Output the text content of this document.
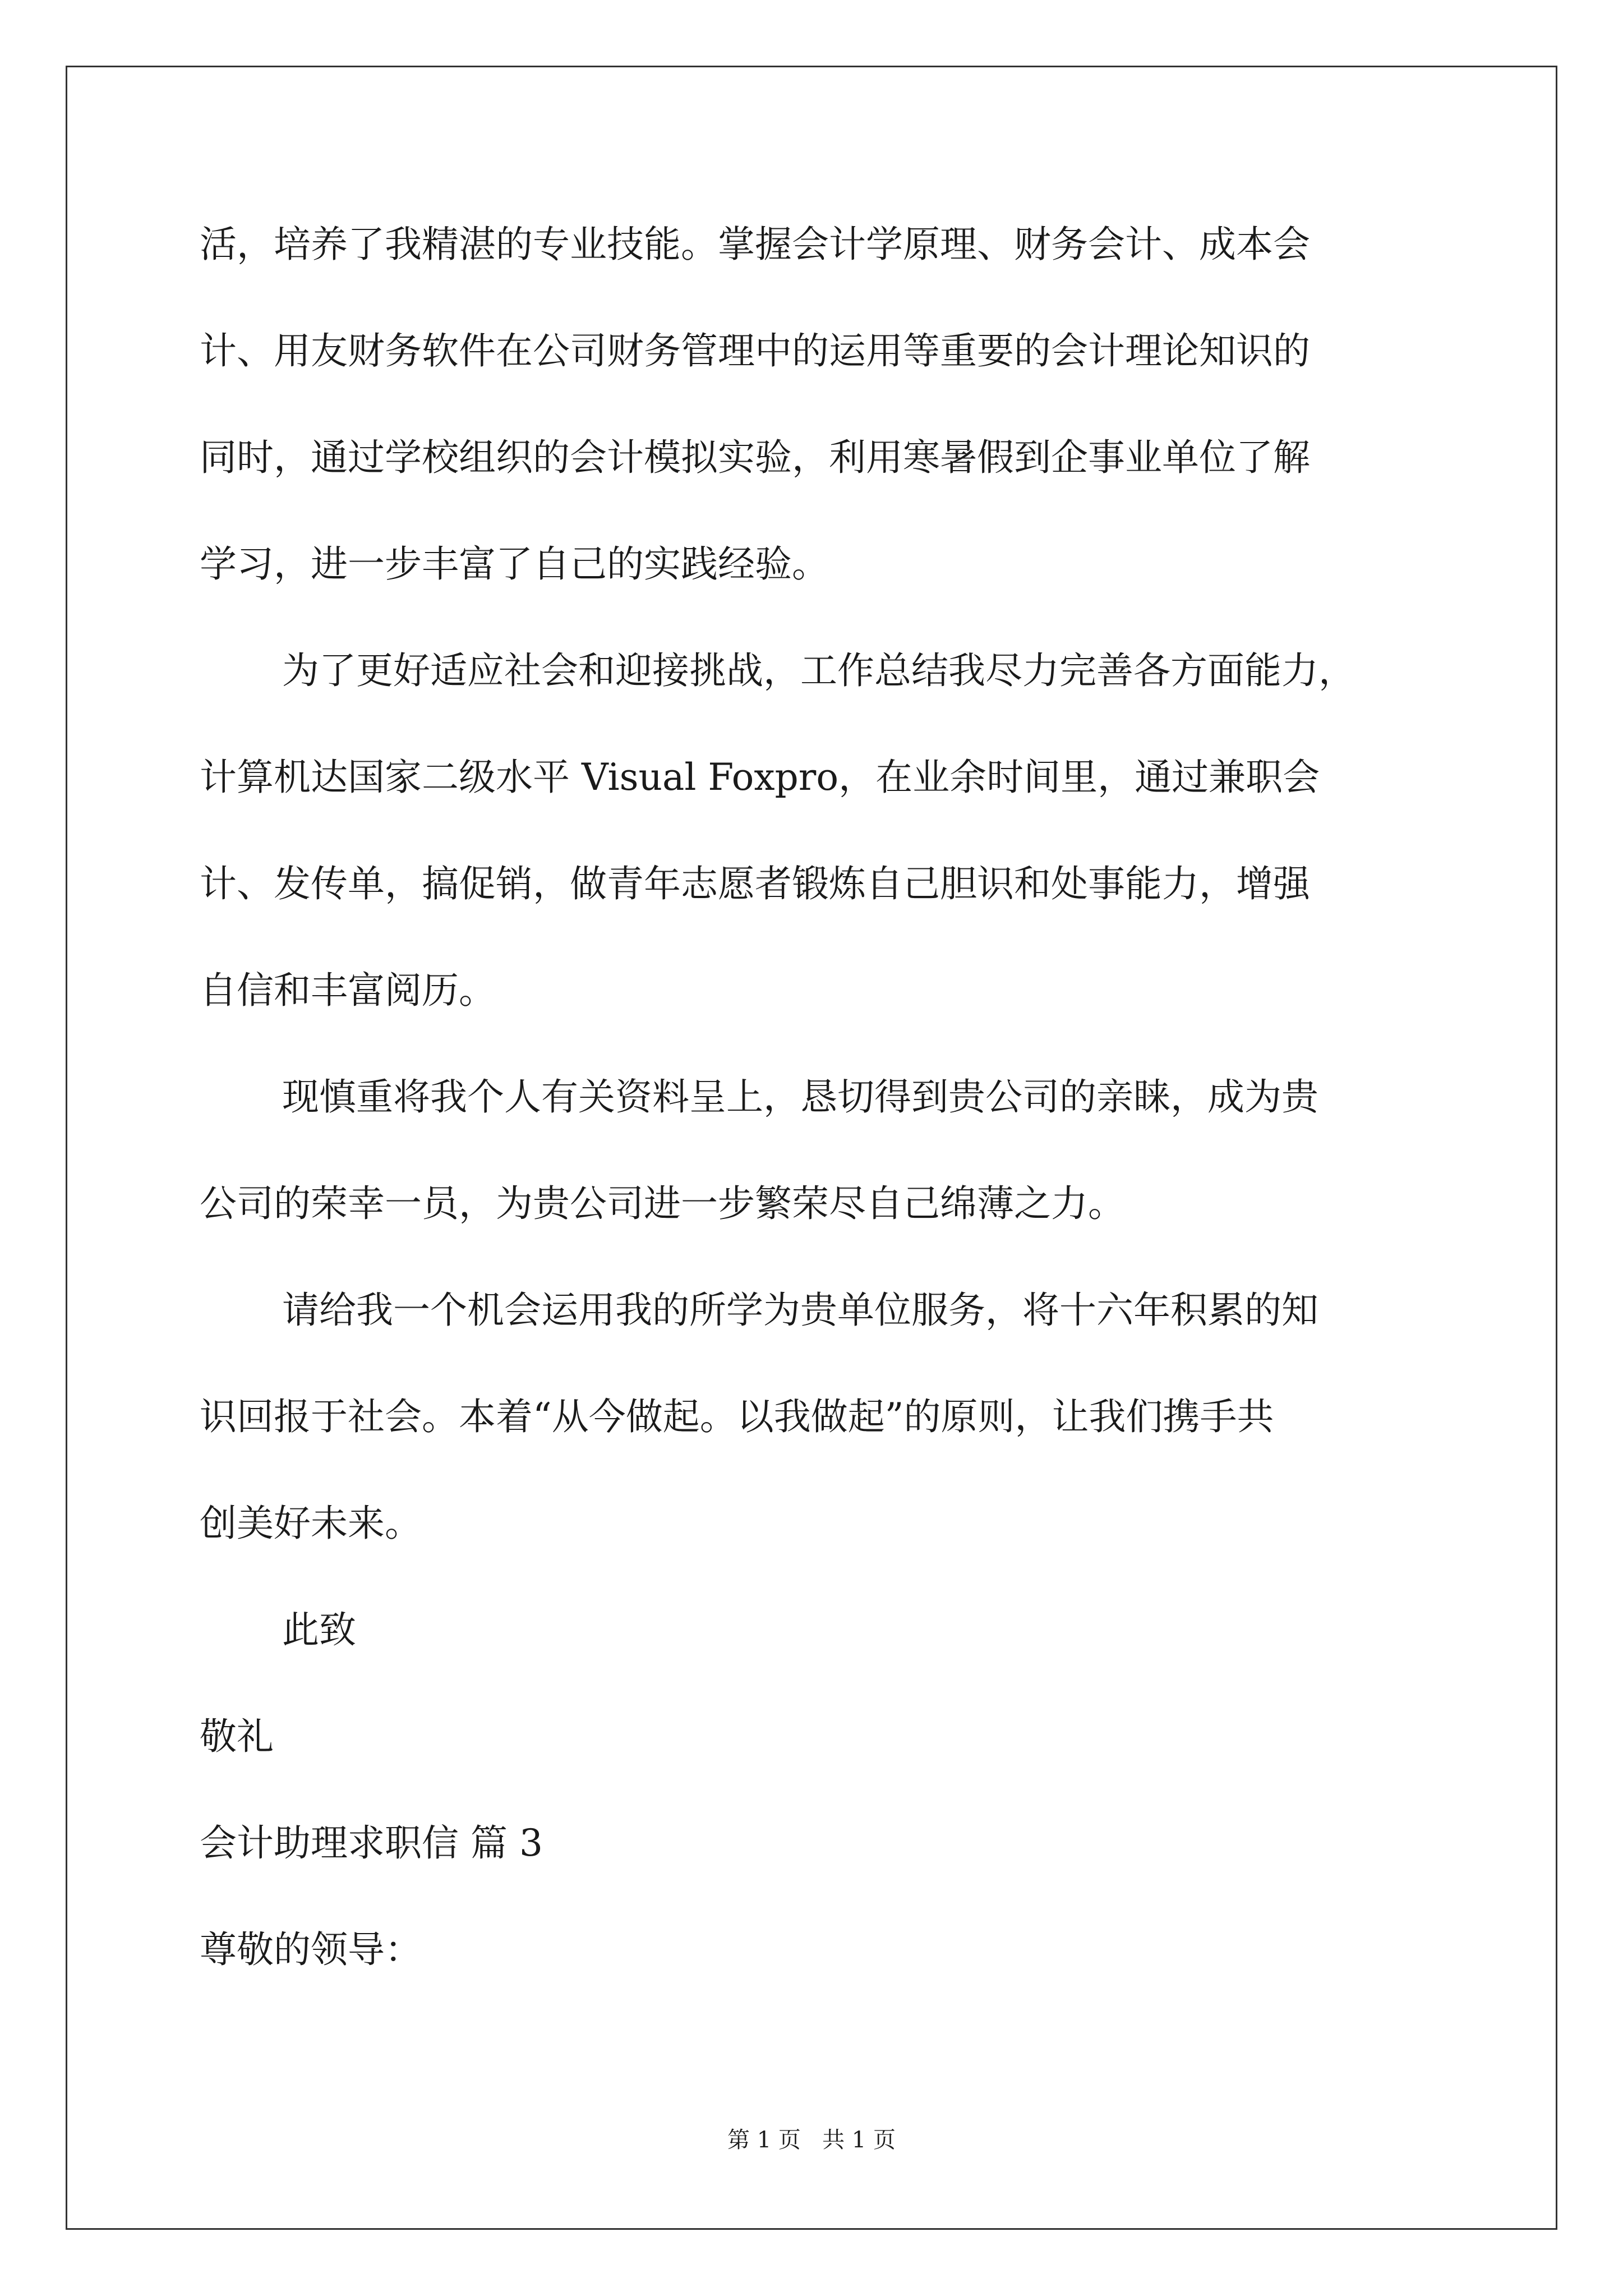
活，培养了我精湛的专业技能。掌握会计学原理、财务会计、成本会
计、用友财务软件在公司财务管理中的运用等重要的会计理论知识的
同时，通过学校组织的会计模拟实验，利用寒暑假到企事业单位了解
学习，进一步丰富了自己的实践经验。
为了更好适应社会和迎接挑战，工作总结我尽力完善各方面能力，
计算机达国家二级水平 Visual Foxpro，在业余时间里，通过兼职会
计、发传单，搞促销，做青年志愿者锻炼自己胆识和处事能力，增强
自信和丰富阅历。
现慎重将我个人有关资料呈上，恳切得到贵公司的亲睐，成为贵
公司的荣幸一员，为贵公司进一步繁荣尽自己绵薄之力。
请给我一个机会运用我的所学为贵单位服务，将十六年积累的知
识回报于社会。本着“从今做起。以我做起”的原则，让我们携手共
创美好未来。
此致
敬礼
会计助理求职信 篇 3
尊敬的领导：
第 1 页   共 1 页
